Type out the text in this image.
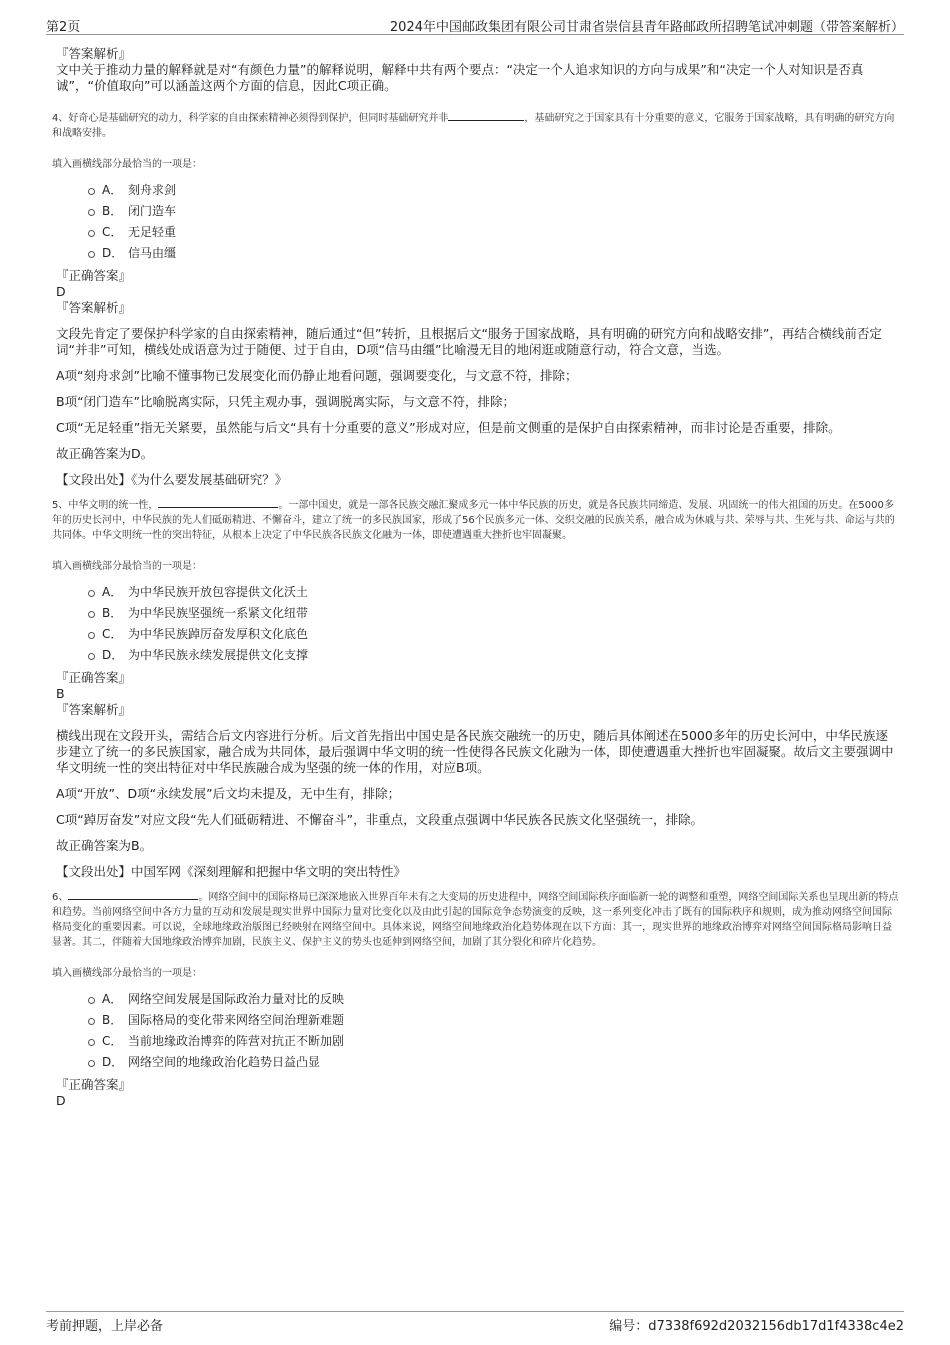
第2页	2024年中国邮政集团有限公司甘肃省崇信县青年路邮政所招聘笔试冲刺题（带答案解析）
『答案解析』
文中关于推动力量的解释就是对“有颜色力量”的解释说明，解释中共有两个要点：“决定一个人追求知识的方向与成果”和“决定一个人对知识是否真诚”，“价值取向”可以涵盖这两个方面的信息，因此C项正确。
4、好奇心是基础研究的动力，科学家的自由探索精神必须得到保护，但同时基础研究并非	，基础研究之于国家具有十分重要的意义，它服务于国家战略，具有明确的研究方向和战略安排。
填入画横线部分最恰当的一项是：
A． 刻舟求剑
B． 闭门造车
C． 无足轻重
D． 信马由缰
『正确答案』
D
『答案解析』
文段先肯定了要保护科学家的自由探索精神，随后通过“但”转折，且根据后文“服务于国家战略，具有明确的研究方向和战略安排”，再结合横线前否定词“并非”可知，横线处成语意为过于随便、过于自由，D项“信马由缰”比喻漫无目的地闲逛或随意行动，符合文意，当选。
A项“刻舟求剑”比喻不懂事物已发展变化而仍静止地看问题，强调要变化，与文意不符，排除；
B项“闭门造车”比喻脱离实际，只凭主观办事，强调脱离实际，与文意不符，排除；
C项“无足轻重”指无关紧要，虽然能与后文“具有十分重要的意义”形成对应，但是前文侧重的是保护自由探索精神，而非讨论是否重要，排除。
故正确答案为D。
【文段出处】《为什么要发展基础研究？》
5、中华文明的统一性，	。一部中国史，就是一部各民族交融汇聚成多元一体中华民族的历史，就是各民族共同缔造、发展、巩固统一的伟大祖国的历史。在5000多年的历史长河中，中华民族的先人们砥砺精进、不懈奋斗，建立了统一的多民族国家，形成了56个民族多元一体、交织交融的民族关系，融合成为休戚与共、荣辱与共、生死与共、命运与共的共同体。中华文明统一性的突出特征，从根本上决定了中华民族各民族文化融为一体，即使遭遇重大挫折也牢固凝聚。
填入画横线部分最恰当的一项是：
A． 为中华民族开放包容提供文化沃土
B． 为中华民族坚强统一系紧文化纽带
C． 为中华民族踔厉奋发厚积文化底色
D． 为中华民族永续发展提供文化支撑
『正确答案』
B
『答案解析』
横线出现在文段开头，需结合后文内容进行分析。后文首先指出中国史是各民族交融统一的历史，随后具体阐述在5000多年的历史长河中，中华民族逐步建立了统一的多民族国家，融合成为共同体，最后强调中华文明的统一性使得各民族文化融为一体，即使遭遇重大挫折也牢固凝聚。故后文主要强调中华文明统一性的突出特征对中华民族融合成为坚强的统一体的作用，对应B项。
A项“开放”、D项“永续发展”后文均未提及，无中生有，排除；
C项“踔厉奋发”对应文段“先人们砥砺精进、不懈奋斗”，非重点，文段重点强调中华民族各民族文化坚强统一，排除。
故正确答案为B。
【文段出处】中国军网《深刻理解和把握中华文明的突出特性》
6、	。网络空间中的国际格局已深深地嵌入世界百年未有之大变局的历史进程中，网络空间国际秩序面临新一轮的调整和重塑，网络空间国际关系也呈现出新的特点和趋势。当前网络空间中各方力量的互动和发展是现实世界中国际力量对比变化以及由此引起的国际竞争态势演变的反映，这一系列变化冲击了既有的国际秩序和规则，成为推动网络空间国际格局变化的重要因素。可以说，全球地缘政治版图已经映射在网络空间中。具体来说，网络空间地缘政治化趋势体现在以下方面：其一，现实世界的地缘政治博弈对网络空间国际格局影响日益显著。其二，伴随着大国地缘政治博弈加剧，民族主义、保护主义的势头也延伸到网络空间，加剧了其分裂化和碎片化趋势。
填入画横线部分最恰当的一项是：
A． 网络空间发展是国际政治力量对比的反映
B． 国际格局的变化带来网络空间治理新难题
C． 当前地缘政治博弈的阵营对抗正不断加剧
D． 网络空间的地缘政治化趋势日益凸显
『正确答案』
D
考前押题，上岸必备	编号：d7338f692d2032156db17d1f4338c4e2
